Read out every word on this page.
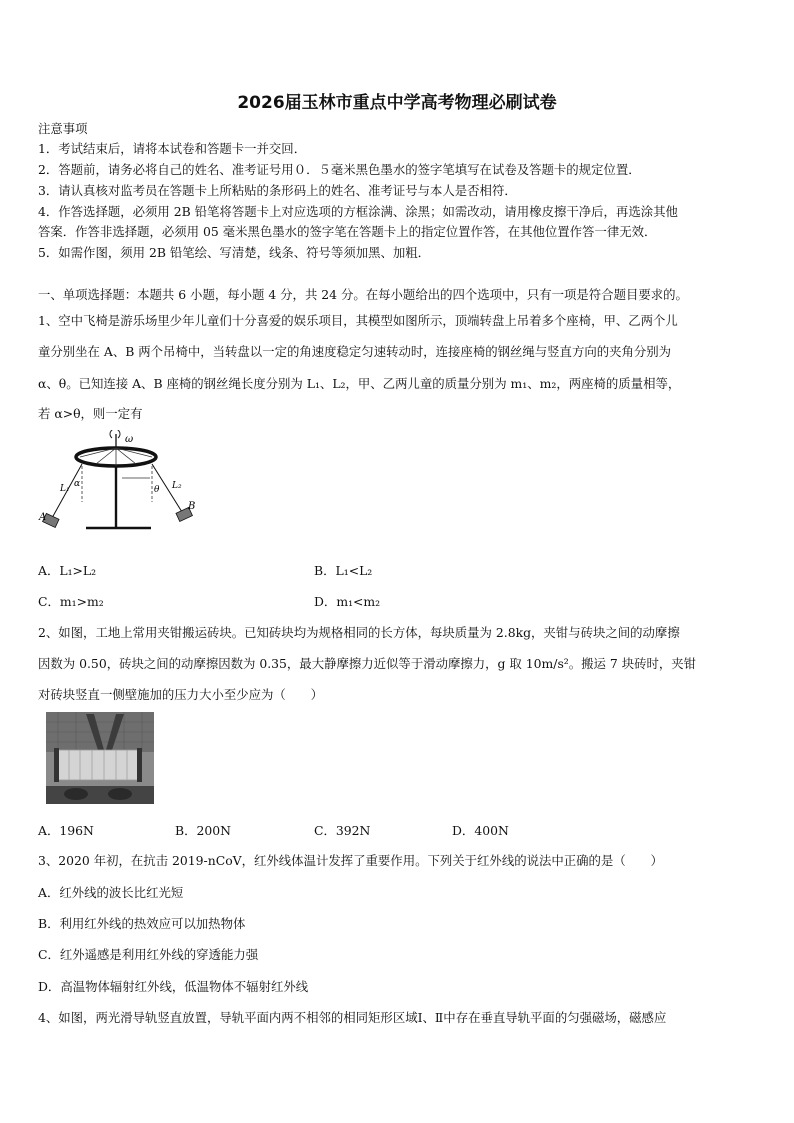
2026届玉林市重点中学高考物理必刷试卷
注意事项
1．考试结束后，请将本试卷和答题卡一并交回．
2．答题前，请务必将自己的姓名、准考证号用０．５毫米黑色墨水的签字笔填写在试卷及答题卡的规定位置．
3．请认真核对监考员在答题卡上所粘贴的条形码上的姓名、准考证号与本人是否相符．
4．作答选择题，必须用 2B 铅笔将答题卡上对应选项的方框涂满、涂黑；如需改动，请用橡皮擦干净后，再选涂其他
答案．作答非选择题，必须用 05 毫米黑色墨水的签字笔在答题卡上的指定位置作答，在其他位置作答一律无效．
5．如需作图，须用 2B 铅笔绘、写清楚，线条、符号等须加黑、加粗．
一、单项选择题：本题共 6 小题，每小题 4 分，共 24 分。在每小题给出的四个选项中，只有一项是符合题目要求的。
1、空中飞椅是游乐场里少年儿童们十分喜爱的娱乐项目，其模型如图所示，顶端转盘上吊着多个座椅，甲、乙两个儿
童分别坐在 A、B 两个吊椅中，当转盘以一定的角速度稳定匀速转动时，连接座椅的钢丝绳与竖直方向的夹角分别为
α、θ。已知连接 A、B 座椅的钢丝绳长度分别为 L₁、L₂，甲、乙两儿童的质量分别为 m₁、m₂，两座椅的质量相等，
若 α>θ，则一定有
ω
L₁	L₂
α
θ
A
B
A．L₁>L₂	B．L₁<L₂
C．m₁>m₂	D．m₁<m₂
2、如图，工地上常用夹钳搬运砖块。已知砖块均为规格相同的长方体，每块质量为 2.8kg，夹钳与砖块之间的动摩擦
因数为 0.50，砖块之间的动摩擦因数为 0.35，最大静摩擦力近似等于滑动摩擦力，g 取 10m/s²。搬运 7 块砖时，夹钳
对砖块竖直一侧壁施加的压力大小至少应为（　　）
A．196N	B．200N	C．392N	D．400N
3、2020 年初，在抗击 2019-nCoV，红外线体温计发挥了重要作用。下列关于红外线的说法中正确的是（　　）
A．红外线的波长比红光短
B．利用红外线的热效应可以加热物体
C．红外遥感是利用红外线的穿透能力强
D．高温物体辐射红外线，低温物体不辐射红外线
4、如图，两光滑导轨竖直放置，导轨平面内两不相邻的相同矩形区域Ⅰ、Ⅱ中存在垂直导轨平面的匀强磁场，磁感应
